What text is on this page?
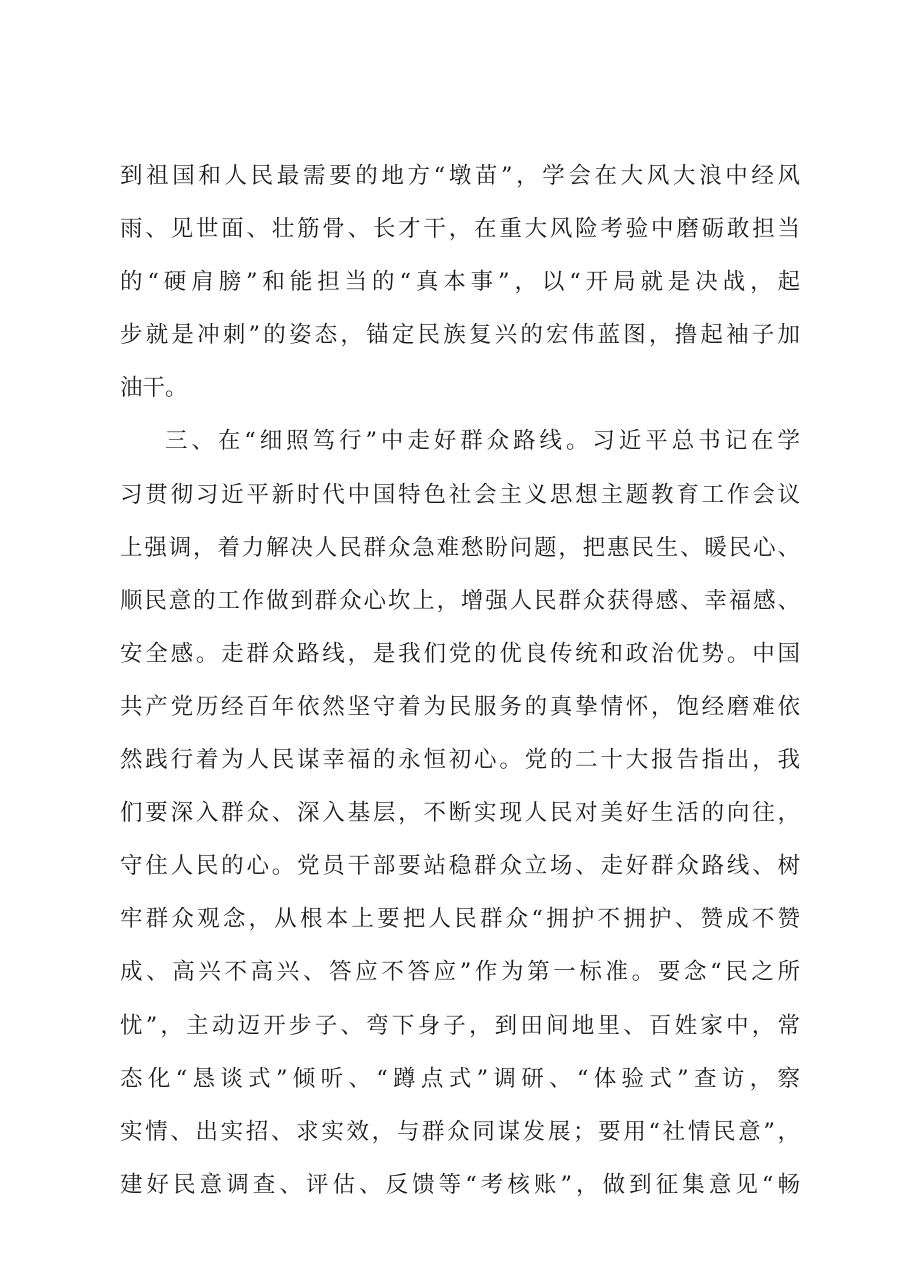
到祖国和人民最需要的地方“墩苗”，学会在大风大浪中经风
雨、见世面、壮筋骨、长才干，在重大风险考验中磨砺敢担当
的“硬肩膀”和能担当的“真本事”，以“开局就是决战，起
步就是冲刺”的姿态，锚定民族复兴的宏伟蓝图，撸起袖子加
油干。
三、在“细照笃行”中走好群众路线。习近平总书记在学
习贯彻习近平新时代中国特色社会主义思想主题教育工作会议
上强调，着力解决人民群众急难愁盼问题，把惠民生、暖民心、
顺民意的工作做到群众心坎上，增强人民群众获得感、幸福感、
安全感。走群众路线，是我们党的优良传统和政治优势。中国
共产党历经百年依然坚守着为民服务的真挚情怀，饱经磨难依
然践行着为人民谋幸福的永恒初心。党的二十大报告指出，我
们要深入群众、深入基层，不断实现人民对美好生活的向往，
守住人民的心。党员干部要站稳群众立场、走好群众路线、树
牢群众观念，从根本上要把人民群众“拥护不拥护、赞成不赞
成、高兴不高兴、答应不答应”作为第一标准。要念“民之所
忧”，主动迈开步子、弯下身子，到田间地里、百姓家中，常
态化“恳谈式”倾听、“蹲点式”调研、“体验式”查访，察
实情、出实招、求实效，与群众同谋发展；要用“社情民意”，
建好民意调查、评估、反馈等“考核账”，做到征集意见“畅
